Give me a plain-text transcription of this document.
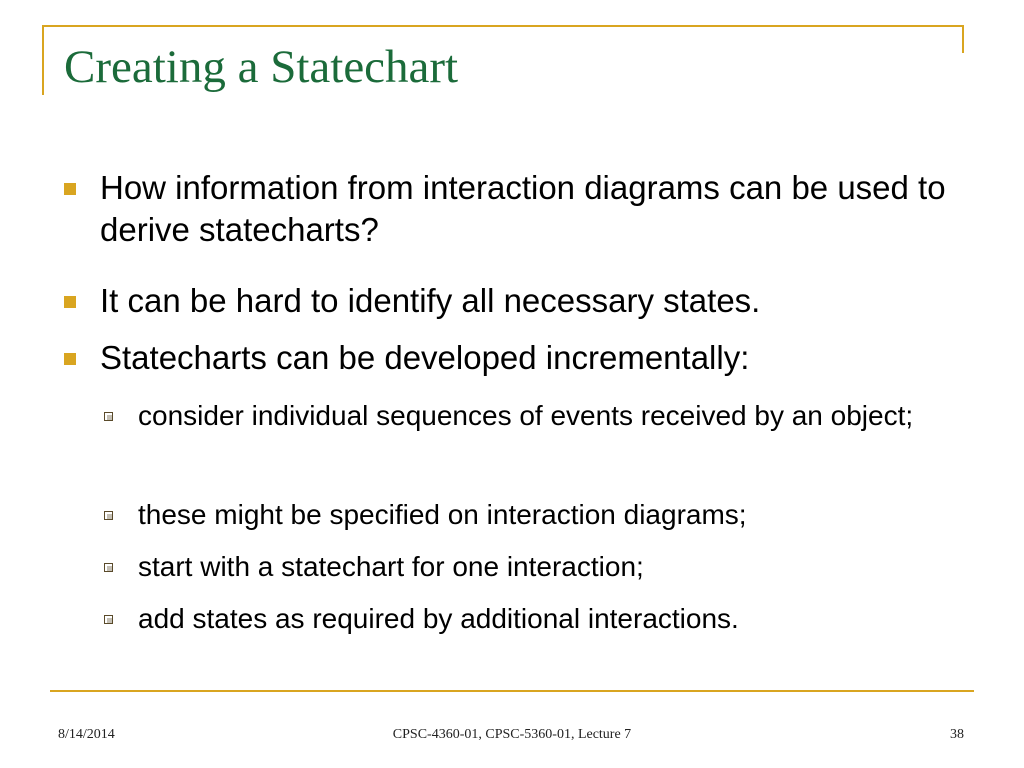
Creating a Statechart
How information from interaction diagrams can be used to derive statecharts?
It can be hard to identify all necessary states.
Statecharts can be developed incrementally:
consider individual sequences of events received by an object;
these might be specified on interaction diagrams;
start with a statechart for one interaction;
add states as required by additional interactions.
8/14/2014	CPSC-4360-01, CPSC-5360-01, Lecture 7	38
